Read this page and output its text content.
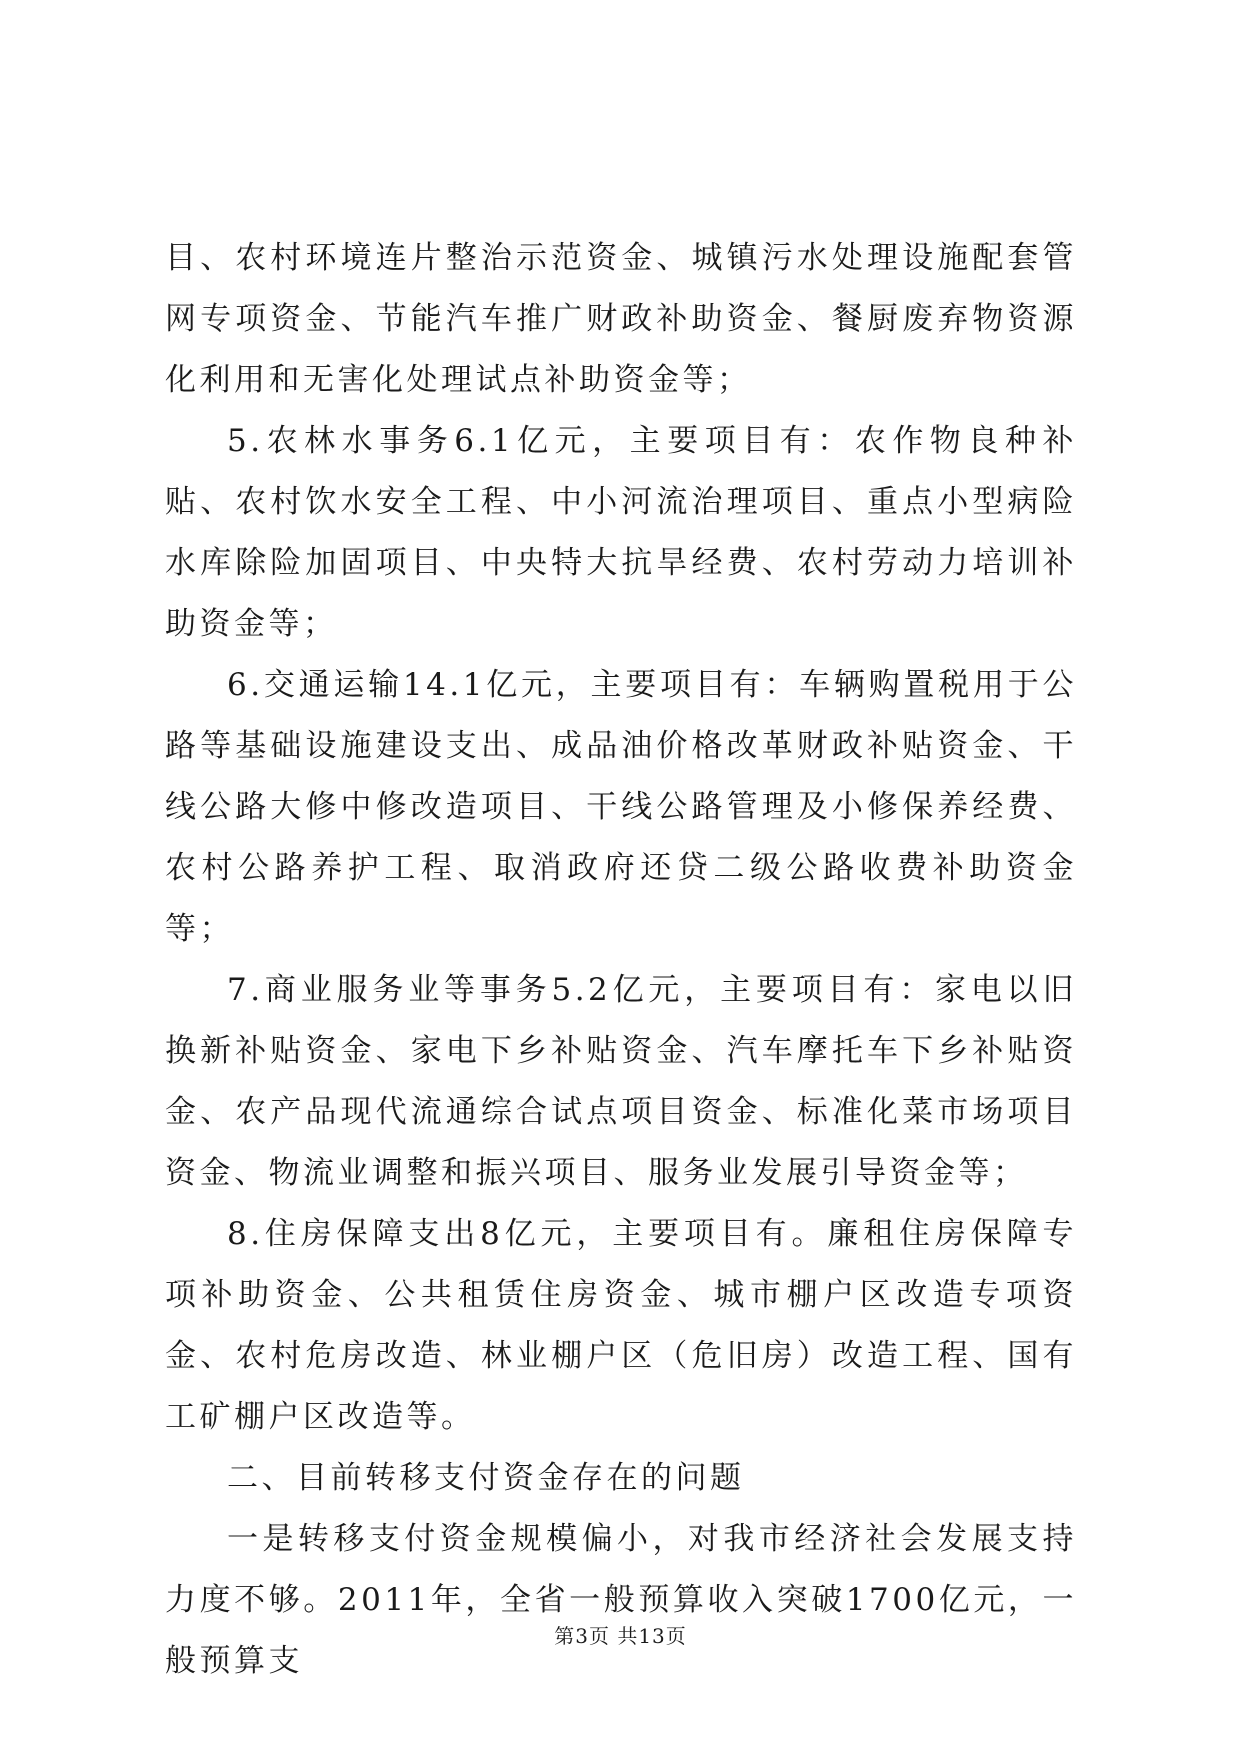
目、农村环境连片整治示范资金、城镇污水处理设施配套管网专项资金、节能汽车推广财政补助资金、餐厨废弃物资源化利用和无害化处理试点补助资金等；

5.农林水事务6.1亿元，主要项目有：农作物良种补贴、农村饮水安全工程、中小河流治理项目、重点小型病险水库除险加固项目、中央特大抗旱经费、农村劳动力培训补助资金等；

6.交通运输14.1亿元，主要项目有：车辆购置税用于公路等基础设施建设支出、成品油价格改革财政补贴资金、干线公路大修中修改造项目、干线公路管理及小修保养经费、农村公路养护工程、取消政府还贷二级公路收费补助资金等；

7.商业服务业等事务5.2亿元，主要项目有：家电以旧换新补贴资金、家电下乡补贴资金、汽车摩托车下乡补贴资金、农产品现代流通综合试点项目资金、标准化菜市场项目资金、物流业调整和振兴项目、服务业发展引导资金等；

8.住房保障支出8亿元，主要项目有。廉租住房保障专项补助资金、公共租赁住房资金、城市棚户区改造专项资金、农村危房改造、林业棚户区（危旧房）改造工程、国有工矿棚户区改造等。

二、目前转移支付资金存在的问题

一是转移支付资金规模偏小，对我市经济社会发展支持力度不够。2011年，全省一般预算收入突破1700亿元，一般预算支

第3页 共13页
